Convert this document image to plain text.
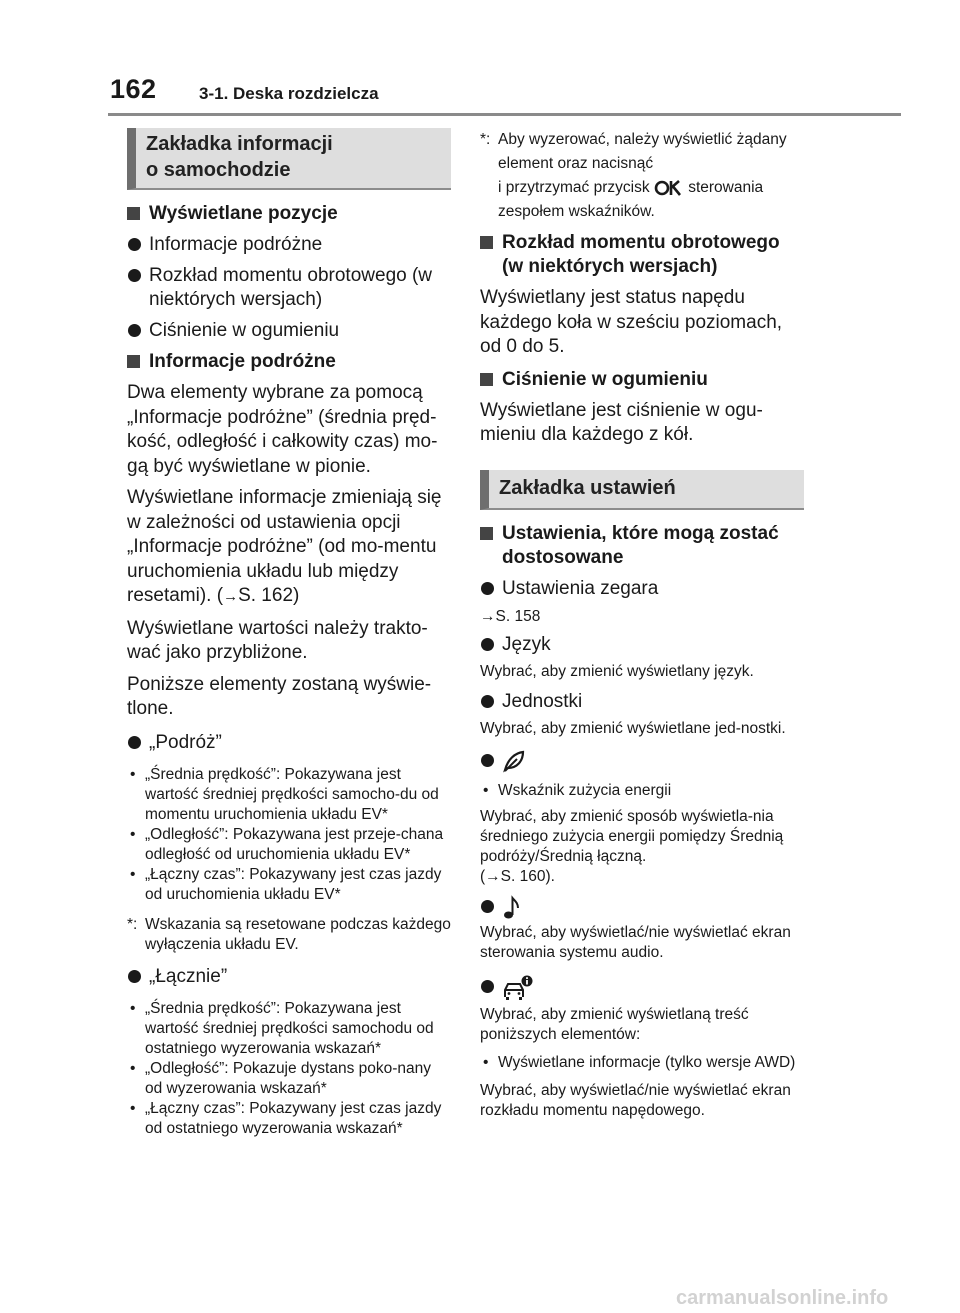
162 3-1. Deska rozdzielcza
Zakładka informacji
o samochodzie
Wyświetlane pozycje
Informacje podróżne
Rozkład momentu obrotowego (w niektórych wersjach)
Ciśnienie w ogumieniu
Informacje podróżne
Dwa elementy wybrane za pomocą „Informacje podróżne” (średnia pręd-kość, odległość i całkowity czas) mo-gą być wyświetlane w pionie.
Wyświetlane informacje zmieniają się w zależności od ustawienia opcji „Informacje podróżne” (od mo-mentu uruchomienia układu lub między resetami). (→S. 162)
Wyświetlane wartości należy trakto-wać jako przybliżone.
Poniższe elementy zostaną wyświe-tlone.
„Podróż”
• „Średnia prędkość”: Pokazywana jest wartość średniej prędkości samocho-du od momentu uruchomienia układu EV*
• „Odległość”: Pokazywana jest przeje-chana odległość od uruchomienia układu EV*
• „Łączny czas”: Pokazywany jest czas jazdy od uruchomienia układu EV*
*: Wskazania są resetowane podczas każdego wyłączenia układu EV.
„Łącznie”
• „Średnia prędkość”: Pokazywana jest wartość średniej prędkości samochodu od ostatniego wyzerowania wskazań*
• „Odległość”: Pokazuje dystans poko-nany od wyzerowania wskazań*
• „Łączny czas”: Pokazywany jest czas jazdy od ostatniego wyzerowania wskazań*
*: Aby wyzerować, należy wyświetlić żądany element oraz nacisnąć
i przytrzymać przycisk sterowania
zespołem wskaźników.
Rozkład momentu obrotowego (w niektórych wersjach)
Wyświetlany jest status napędu każdego koła w sześciu poziomach, od 0 do 5.
Ciśnienie w ogumieniu
Wyświetlane jest ciśnienie w ogu-mieniu dla każdego z kół.
Zakładka ustawień
Ustawienia, które mogą zostać dostosowane
Ustawienia zegara
→S. 158
Język
Wybrać, aby zmienić wyświetlany język.
Jednostki
Wybrać, aby zmienić wyświetlane jed-nostki.
• Wskaźnik zużycia energii
Wybrać, aby zmienić sposób wyświetla-nia średniego zużycia energii pomiędzy Średnią podróży/Średnią łączną.
(→S. 160).
Wybrać, aby wyświetlać/nie wyświetlać ekran sterowania systemu audio.
Wybrać, aby zmienić wyświetlaną treść poniższych elementów:
• Wyświetlane informacje (tylko wersje AWD)
Wybrać, aby wyświetlać/nie wyświetlać ekran rozkładu momentu napędowego.
carmanualsonline.info
